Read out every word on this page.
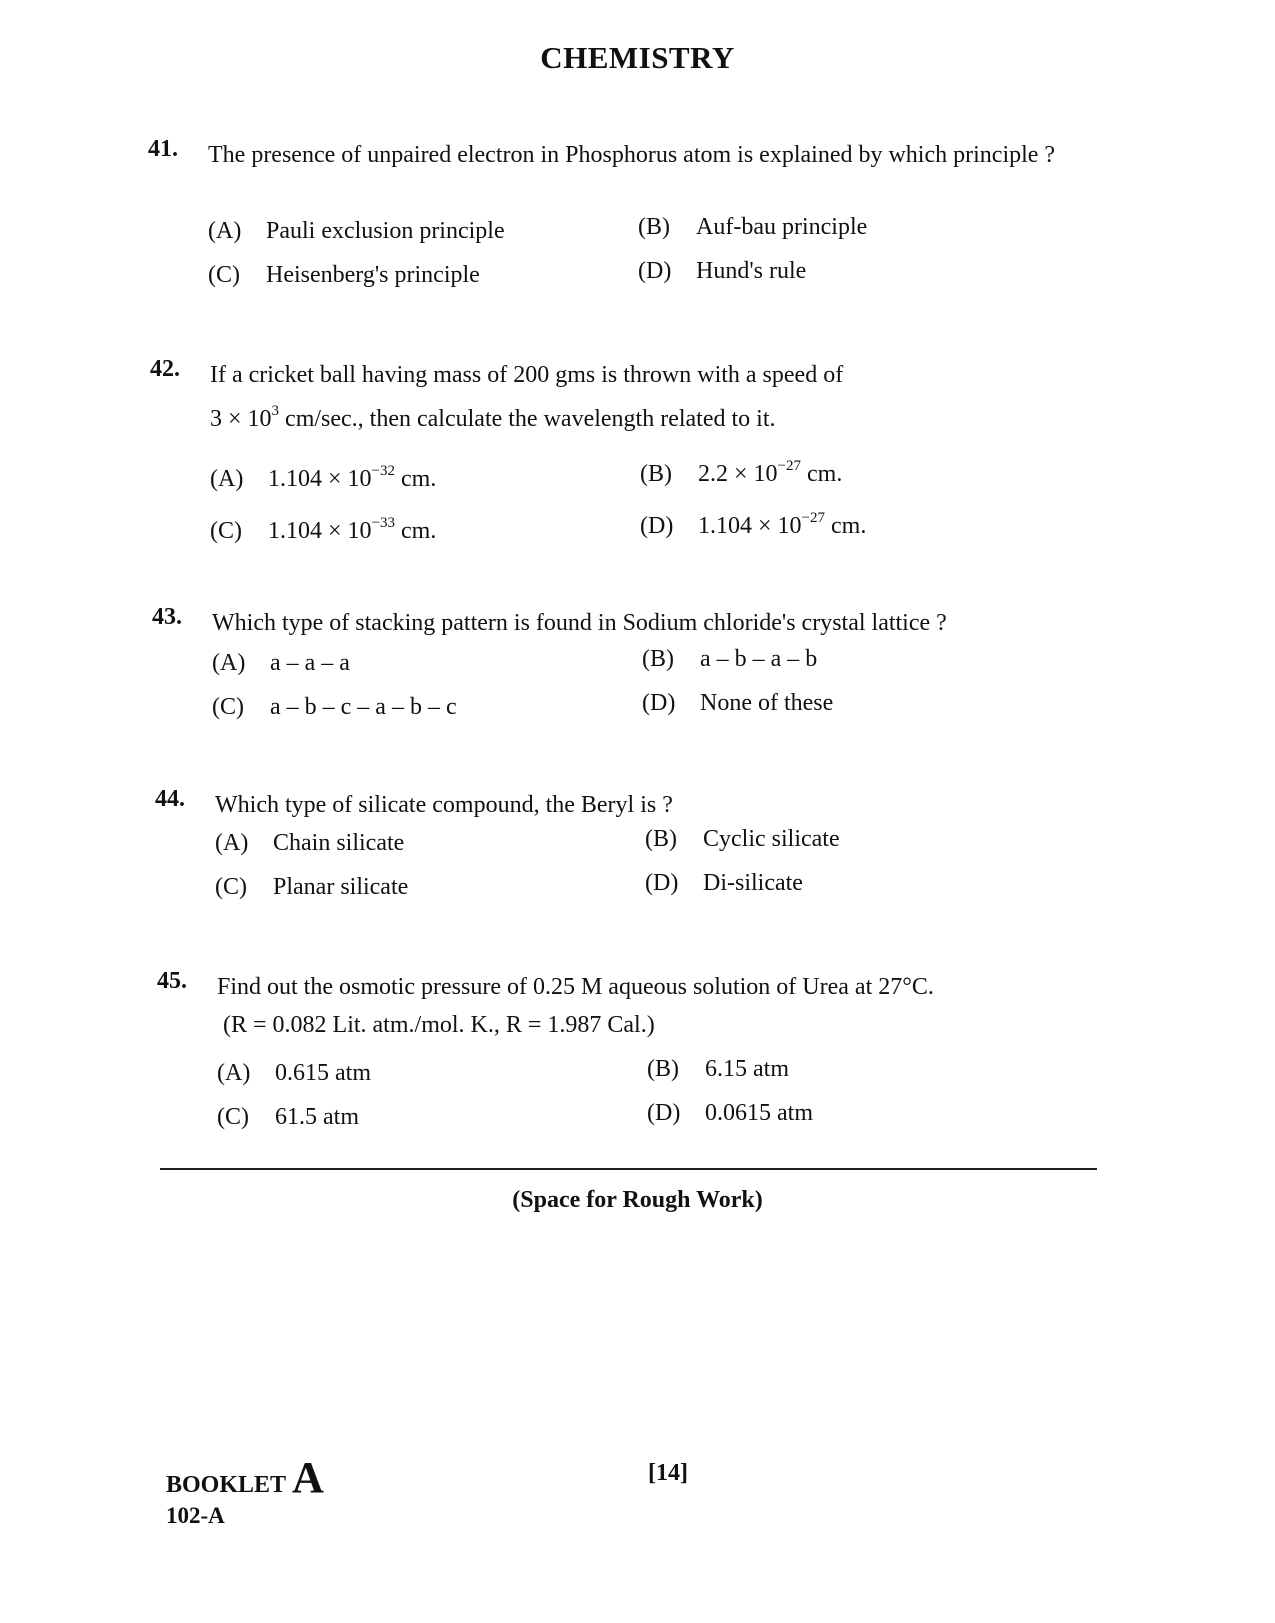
CHEMISTRY
41. The presence of unpaired electron in Phosphorus atom is explained by which principle ?
(A) Pauli exclusion principle	(B) Auf-bau principle
(C) Heisenberg's principle	(D) Hund's rule
42. If a cricket ball having mass of 200 gms is thrown with a speed of
$3 \times 10^3$ cm/sec., then calculate the wavelength related to it.
(A) $1.104 \times 10^{-32}$ cm.	(B) $2.2 \times 10^{-27}$ cm.
(C) $1.104 \times 10^{-33}$ cm.	(D) $1.104 \times 10^{-27}$ cm.
43. Which type of stacking pattern is found in Sodium chloride's crystal lattice ?
(A) a – a – a	(B) a – b – a – b
(C) a – b – c – a – b – c	(D) None of these
44. Which type of silicate compound, the Beryl is ?
(A) Chain silicate	(B) Cyclic silicate
(C) Planar silicate	(D) Di-silicate
45. Find out the osmotic pressure of 0.25 M aqueous solution of Urea at 27°C.
(R = 0.082 Lit. atm./mol. K., R = 1.987 Cal.)
(A) 0.615 atm	(B) 6.15 atm
(C) 61.5 atm	(D) 0.0615 atm
(Space for Rough Work)
BOOKLET A
102-A
[14]
